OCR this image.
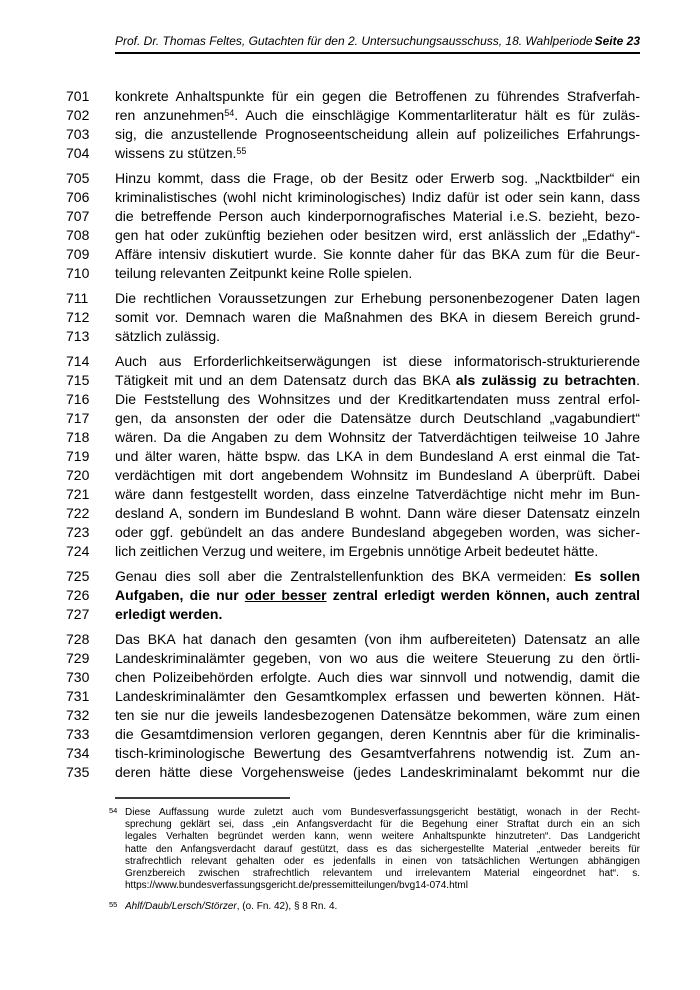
Prof. Dr. Thomas Feltes, Gutachten für den 2. Untersuchungsausschuss, 18. Wahlperiode Seite 23
701	konkrete Anhaltspunkte für ein gegen die Betroffenen zu führendes Strafverfah-
702	ren anzunehmen$^{54}$. Auch die einschlägige Kommentarliteratur hält es für zuläs-
703	sig, die anzustellende Prognoseentscheidung allein auf polizeiliches Erfahrungs-
704	wissens zu stützen.$^{55}$
705	Hinzu kommt, dass die Frage, ob der Besitz oder Erwerb sog. „Nacktbilder“ ein
706	kriminalistisches (wohl nicht kriminologisches) Indiz dafür ist oder sein kann, dass
707	die betreffende Person auch kinderpornografisches Material i.e.S. bezieht, bezo-
708	gen hat oder zukünftig beziehen oder besitzen wird, erst anlässlich der „Edathy“-
709	Affäre intensiv diskutiert wurde. Sie konnte daher für das BKA zum für die Beur-
710	teilung relevanten Zeitpunkt keine Rolle spielen.
711	Die rechtlichen Voraussetzungen zur Erhebung personenbezogener Daten lagen
712	somit vor. Demnach waren die Maßnahmen des BKA in diesem Bereich grund-
713	sätzlich zulässig.
714	Auch aus Erforderlichkeitserwägungen ist diese informatorisch-strukturierende
715	Tätigkeit mit und an dem Datensatz durch das BKA als zulässig zu betrachten.
716	Die Feststellung des Wohnsitzes und der Kreditkartendaten muss zentral erfol-
717	gen, da ansonsten der oder die Datensätze durch Deutschland „vagabundiert“
718	wären. Da die Angaben zu dem Wohnsitz der Tatverdächtigen teilweise 10 Jahre
719	und älter waren, hätte bspw. das LKA in dem Bundesland A erst einmal die Tat-
720	verdächtigen mit dort angebendem Wohnsitz im Bundesland A überprüft. Dabei
721	wäre dann festgestellt worden, dass einzelne Tatverdächtige nicht mehr im Bun-
722	desland A, sondern im Bundesland B wohnt. Dann wäre dieser Datensatz einzeln
723	oder ggf. gebündelt an das andere Bundesland abgegeben worden, was sicher-
724	lich zeitlichen Verzug und weitere, im Ergebnis unnötige Arbeit bedeutet hätte.
725	Genau dies soll aber die Zentralstellenfunktion des BKA vermeiden: Es sollen
726	Aufgaben, die nur oder besser zentral erledigt werden können, auch zentral
727	erledigt werden.
728	Das BKA hat danach den gesamten (von ihm aufbereiteten) Datensatz an alle
729	Landeskriminalämter gegeben, von wo aus die weitere Steuerung zu den örtli-
730	chen Polizeibehörden erfolgte. Auch dies war sinnvoll und notwendig, damit die
731	Landeskriminalämter den Gesamtkomplex erfassen und bewerten können. Hät-
732	ten sie nur die jeweils landesbezogenen Datensätze bekommen, wäre zum einen
733	die Gesamtdimension verloren gegangen, deren Kenntnis aber für die kriminalis-
734	tisch-kriminologische Bewertung des Gesamtverfahrens notwendig ist. Zum an-
735	deren hätte diese Vorgehensweise (jedes Landeskriminalamt bekommt nur die
54 Diese Auffassung wurde zuletzt auch vom Bundesverfassungsgericht bestätigt, wonach in der Recht-
sprechung geklärt sei, dass „ein Anfangsverdacht für die Begehung einer Straftat durch ein an sich
legales Verhalten begründet werden kann, wenn weitere Anhaltspunkte hinzutreten“. Das Landgericht
hatte den Anfangsverdacht darauf gestützt, dass es das sichergestellte Material „entweder bereits für
strafrechtlich relevant gehalten oder es jedenfalls in einen von tatsächlichen Wertungen abhängigen
Grenzbereich zwischen strafrechtlich relevantem und irrelevantem Material eingeordnet hat“. s.
https://www.bundesverfassungsgericht.de/pressemitteilungen/bvg14-074.html
55 Ahlf/Daub/Lersch/Störzer, (o. Fn. 42), § 8 Rn. 4.
